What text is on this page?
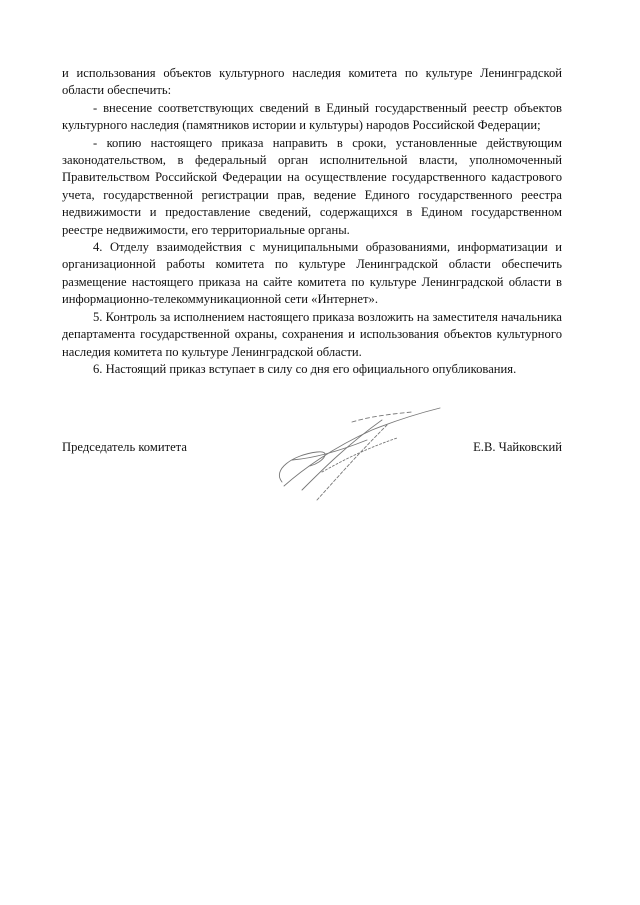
и использования объектов культурного наследия комитета по культуре Ленинградской области обеспечить:

- внесение соответствующих сведений в Единый государственный реестр объектов культурного наследия (памятников истории и культуры) народов Российской Федерации;

- копию настоящего приказа направить в сроки, установленные действующим законодательством, в федеральный орган исполнительной власти, уполномоченный Правительством Российской Федерации на осуществление государственного кадастрового учета, государственной регистрации прав, ведение Единого государственного реестра недвижимости и предоставление сведений, содержащихся в Едином государственном реестре недвижимости, его территориальные органы.

4. Отделу взаимодействия с муниципальными образованиями, информатизации и организационной работы комитета по культуре Ленинградской области обеспечить размещение настоящего приказа на сайте комитета по культуре Ленинградской области в информационно-телекоммуникационной сети «Интернет».

5. Контроль за исполнением настоящего приказа возложить на заместителя начальника департамента государственной охраны, сохранения и использования объектов культурного наследия комитета по культуре Ленинградской области.

6. Настоящий приказ вступает в силу со дня его официального опубликования.

Председатель комитета	Е.В. Чайковский
